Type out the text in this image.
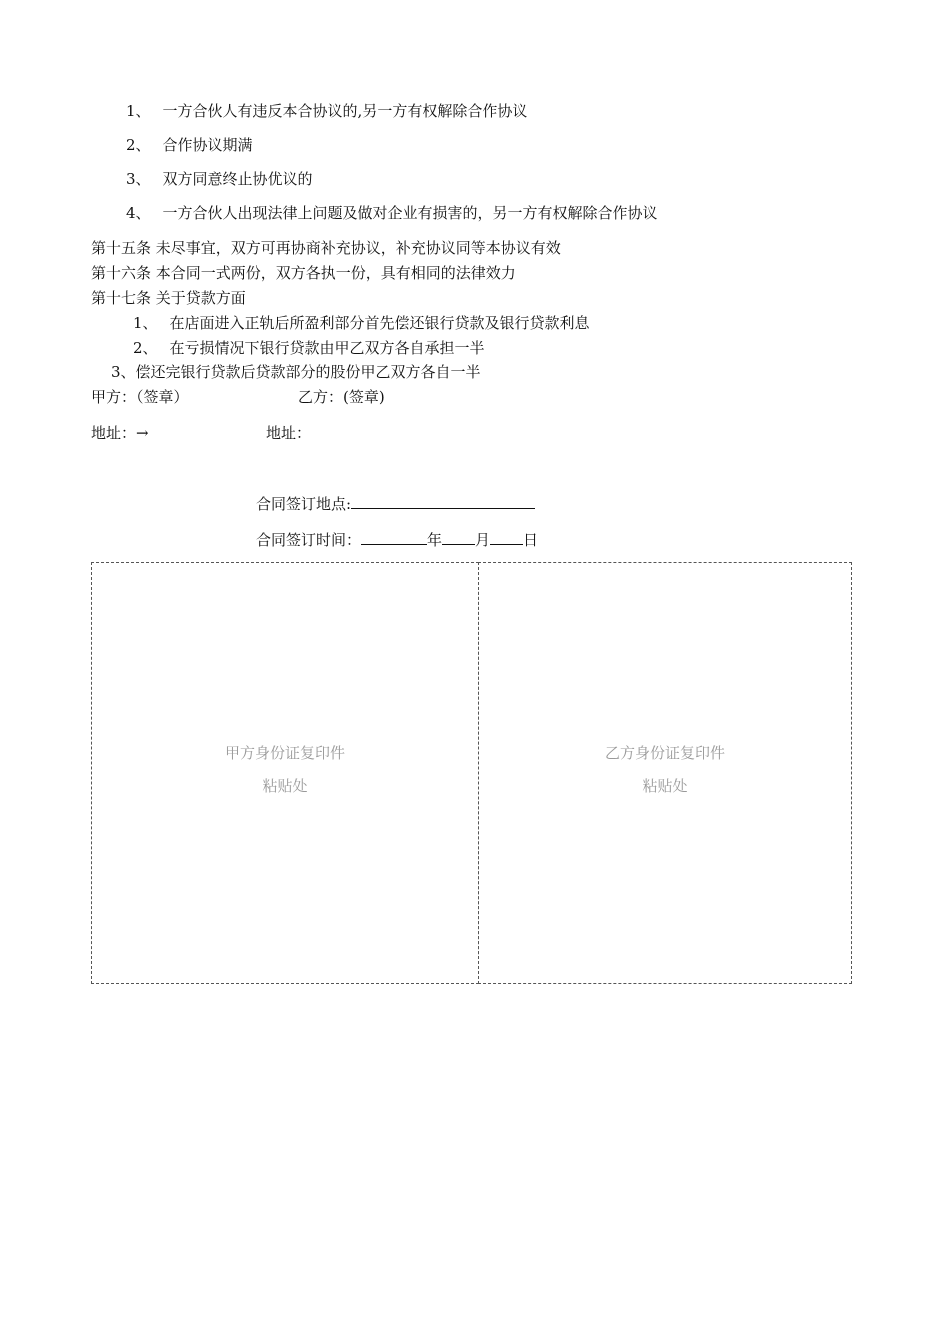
1、 一方合伙人有违反本合协议的,另一方有权解除合作协议
2、 合作协议期满
3、 双方同意终止协优议的
4、 一方合伙人出现法律上问题及做对企业有损害的，另一方有权解除合作协议
第十五条 未尽事宜，双方可再协商补充协议，补充协议同等本协议有效
第十六条 本合同一式两份，双方各执一份，具有相同的法律效力
第十七条 关于贷款方面
1、 在店面进入正轨后所盈利部分首先偿还银行贷款及银行贷款利息
2、 在亏损情况下银行贷款由甲乙双方各自承担一半
3、偿还完银行贷款后贷款部分的股份甲乙双方各自一半
甲方：（签章）	乙方：(签章)
地址：→	地址：
合同签订地点:
合同签订时间：	年 月 日
甲方身份证复印件
粘贴处
乙方身份证复印件
粘贴处
